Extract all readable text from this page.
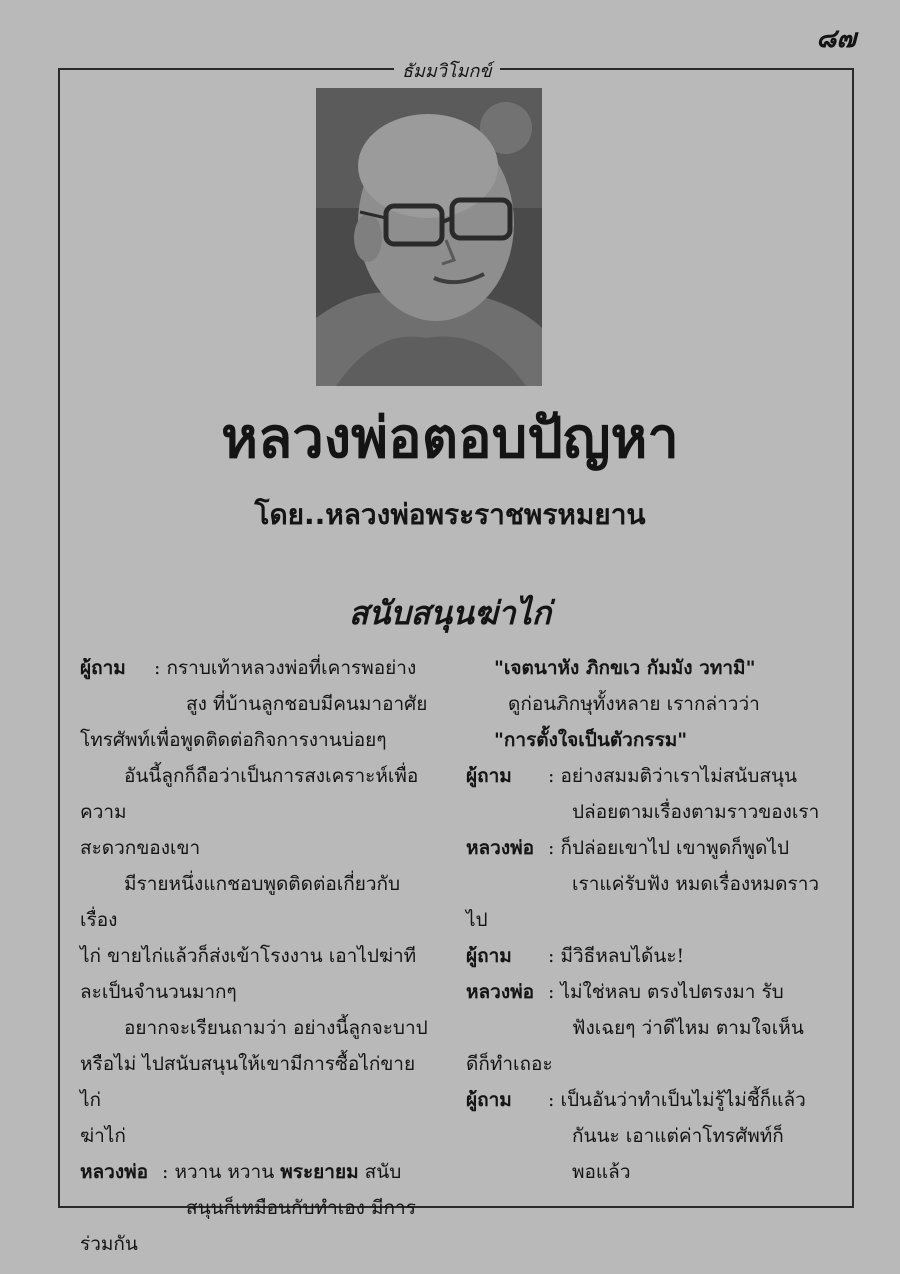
๘๗
ธัมมวิโมกข์
หลวงพ่อตอบปัญหา
โดย..หลวงพ่อพระราชพรหมยาน
สนับสนุนฆ่าไก่
ผู้ถาม : กราบเท้าหลวงพ่อที่เคารพอย่าง

สูง ที่บ้านลูกชอบมีคนมาอาศัย

โทรศัพท์เพื่อพูดติดต่อกิจการงานบ่อยๆ

อันนี้ลูกก็ถือว่าเป็นการสงเคราะห์เพื่อความ

สะดวกของเขา

มีรายหนึ่งแกชอบพูดติดต่อเกี่ยวกับเรื่อง

ไก่ ขายไก่แล้วก็ส่งเข้าโรงงาน เอาไปฆ่าที

ละเป็นจำนวนมากๆ

อยากจะเรียนถามว่า อย่างนี้ลูกจะบาป

หรือไม่ ไปสนับสนุนให้เขามีการซื้อไก่ขายไก่

ฆ่าไก่

หลวงพ่อ : หวาน หวาน พระยายม สนับ

สนุนก็เหมือนกับทำเอง มีการ

ร่วมกัน

"เจตนาหัง ภิกขเว กัมมัง วทามิ"

ดูก่อนภิกษุทั้งหลาย เรากล่าวว่า

"การตั้งใจเป็นตัวกรรม"

ผู้ถาม : อย่างสมมติว่าเราไม่สนับสนุน

ปล่อยตามเรื่องตามราวของเรา

หลวงพ่อ : ก็ปล่อยเขาไป เขาพูดก็พูดไป

เราแค่รับฟัง หมดเรื่องหมดราว

ไป

ผู้ถาม : มีวิธีหลบได้นะ!
หลวงพ่อ : ไม่ใช่หลบ ตรงไปตรงมา รับ

ฟังเฉยๆ ว่าดีไหม ตามใจเห็น

ดีก็ทำเถอะ

ผู้ถาม : เป็นอันว่าทำเป็นไม่รู้ไม่ชี้ก็แล้ว

กันนะ เอาแต่ค่าโทรศัพท์ก็พอแล้ว
